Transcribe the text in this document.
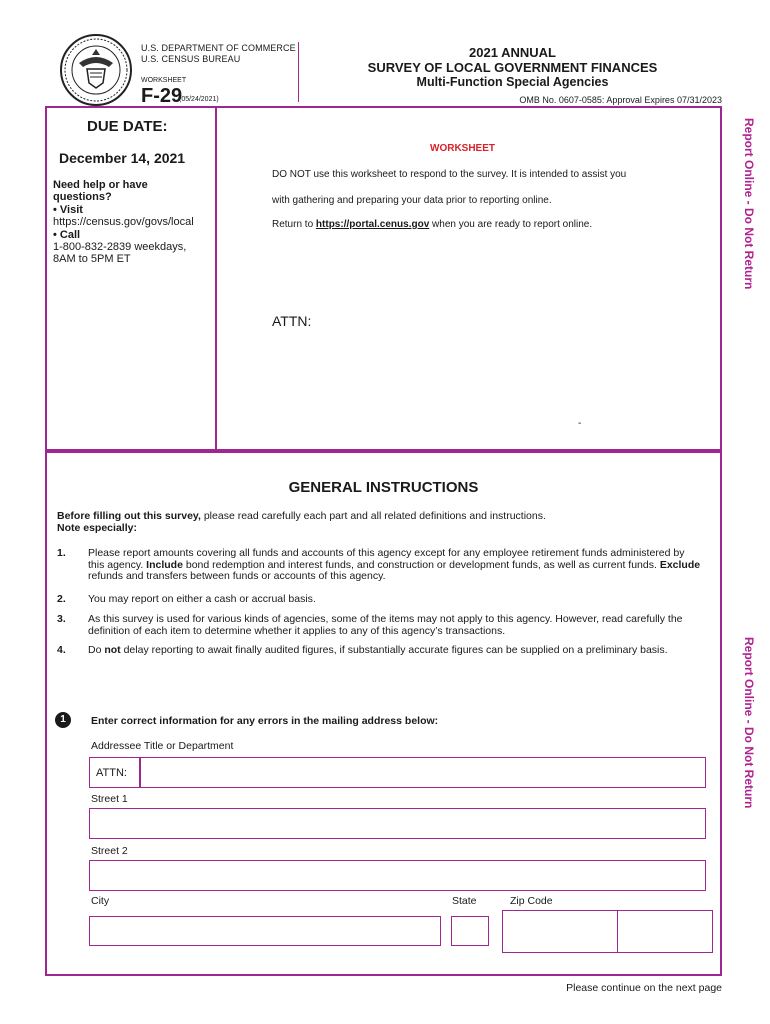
U.S. DEPARTMENT OF COMMERCE
U.S. CENSUS BUREAU
WORKSHEET
F-29
(05/24/2021)
2021 ANNUAL
SURVEY OF LOCAL GOVERNMENT FINANCES
Multi-Function Special Agencies
OMB No. 0607-0585: Approval Expires 07/31/2023
DUE DATE:
December 14, 2021
Need help or have
questions?
• Visit
https://census.gov/govs/local
• Call
1-800-832-2839 weekdays,
8AM to 5PM ET
WORKSHEET
DO NOT use this worksheet to respond to the survey. It is intended to assist you
with gathering and preparing your data prior to reporting online.
Return to https://portal.cenus.gov when you are ready to report online.
ATTN:
-
Report Online - Do Not Return
Report Online - Do Not Return
GENERAL INSTRUCTIONS
Before filling out this survey, please read carefully each part and all related definitions and instructions.
Note especially:
1. Please report amounts covering all funds and accounts of this agency except for any employee retirement funds administered by this agency. Include bond redemption and interest funds, and construction or development funds, as well as current funds. Exclude refunds and transfers between funds or accounts of this agency.
2. You may report on either a cash or accrual basis.
3. As this survey is used for various kinds of agencies, some of the items may not apply to this agency. However, read carefully the definition of each item to determine whether it applies to any of this agency’s transactions.
4. Do not delay reporting to await finally audited figures, if substantially accurate figures can be supplied on a preliminary basis.
1	Enter correct information for any errors in the mailing address below:
Addressee Title or Department
ATTN:
Street 1
Street 2
City	State	Zip Code
Please continue on the next page
